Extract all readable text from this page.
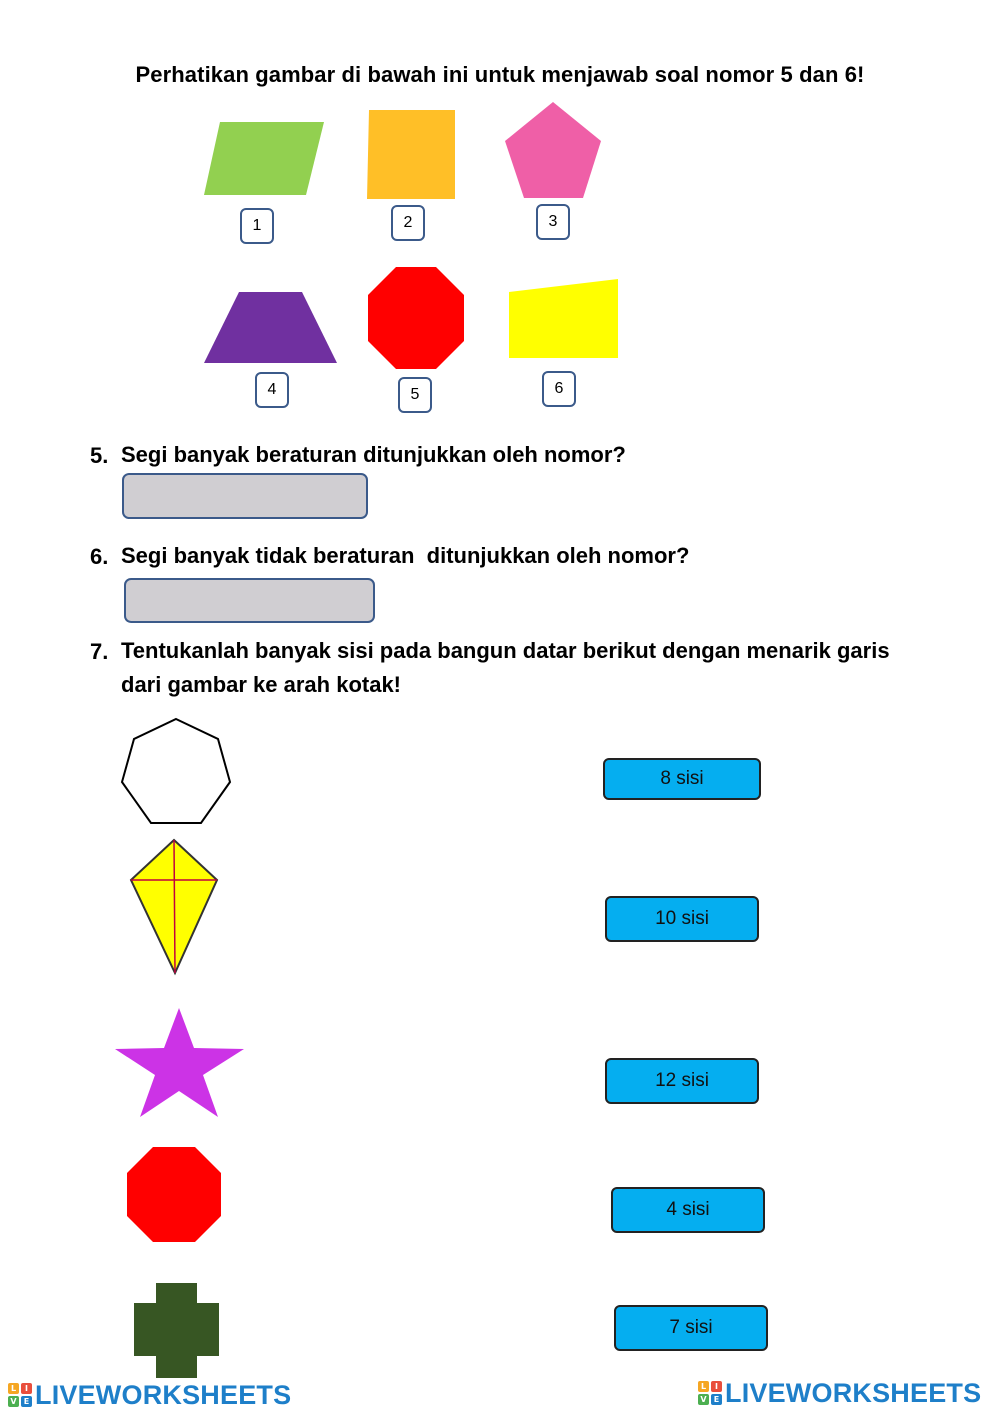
Perhatikan gambar di bawah ini untuk menjawab soal nomor 5 dan 6!
1	2	3
4	5	6
5. Segi banyak beraturan ditunjukkan oleh nomor?
6. Segi banyak tidak beraturan  ditunjukkan oleh nomor?
7. Tentukanlah banyak sisi pada bangun datar berikut dengan menarik garis
dari gambar ke arah kotak!
8 sisi
10 sisi
12 sisi
4 sisi
7 sisi
L	I
V E LIVEWORKSHEETS	L	I
V E LIVEWORKSHEETS
